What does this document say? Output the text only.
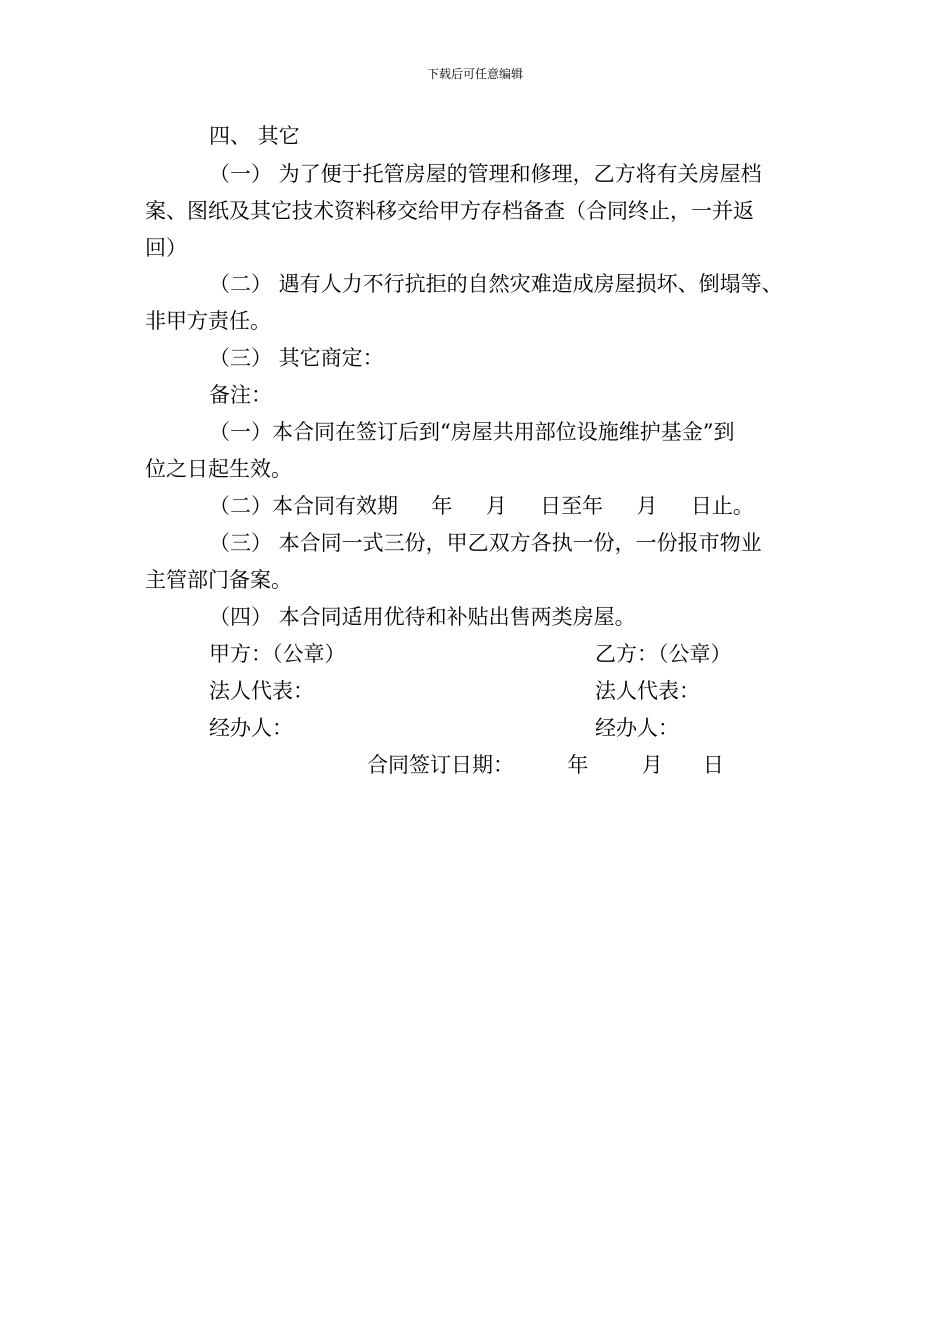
下载后可任意编辑
四、 其它
（一） 为了便于托管房屋的管理和修理，乙方将有关房屋档
案、图纸及其它技术资料移交给甲方存档备查（合同终止，一并返
回）
（二） 遇有人力不行抗拒的自然灾难造成房屋损坏、倒塌等、
非甲方责任。
（三） 其它商定：
备注：
（一）本合同在签订后到“房屋共用部位设施维护基金”到
位之日起生效。
（二）本合同有效期     年     月     日至年     月     日止。
（三） 本合同一式三份，甲乙双方各执一份，一份报市物业
主管部门备案。
（四） 本合同适用优待和补贴出售两类房屋。
甲方：（公章）	乙方：（公章）
法人代表：	法人代表：
经办人：	经办人：
合同签订日期：        年        月      日
